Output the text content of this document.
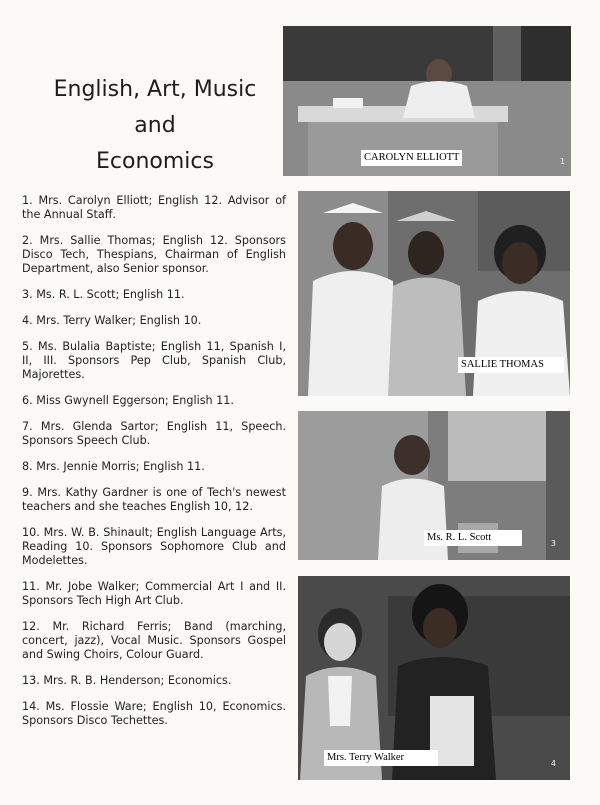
English, Art, Music
and
Economics
1. Mrs. Carolyn Elliott; English 12. Advisor of the Annual Staff.
2. Mrs. Sallie Thomas; English 12. Sponsors Disco Tech, Thespians, Chairman of English Department, also Senior sponsor.
3. Ms. R. L. Scott; English 11.
4. Mrs. Terry Walker; English 10.
5. Ms. Bulalia Baptiste; English 11, Spanish I, II, III. Sponsors Pep Club, Spanish Club, Majorettes.
6. Miss Gwynell Eggerson; English 11.
7. Mrs. Glenda Sartor; English 11, Speech. Sponsors Speech Club.
8. Mrs. Jennie Morris; English 11.
9. Mrs. Kathy Gardner is one of Tech's newest teachers and she teaches English 10, 12.
10. Mrs. W. B. Shinault; English Language Arts, Reading 10. Sponsors Sophomore Club and Modelettes.
11. Mr. Jobe Walker; Commercial Art I and II. Sponsors Tech High Art Club.
12. Mr. Richard Ferris; Band (marching, concert, jazz), Vocal Music. Sponsors Gospel and Swing Choirs, Colour Guard.
13. Mrs. R. B. Henderson; Economics.
14. Ms. Flossie Ware; English 10, Economics. Sponsors Disco Techettes.
CAROLYN ELLIOTT	1
SALLIE THOMAS
Ms. R. L. Scott
3
Mrs. Terry Walker
4
